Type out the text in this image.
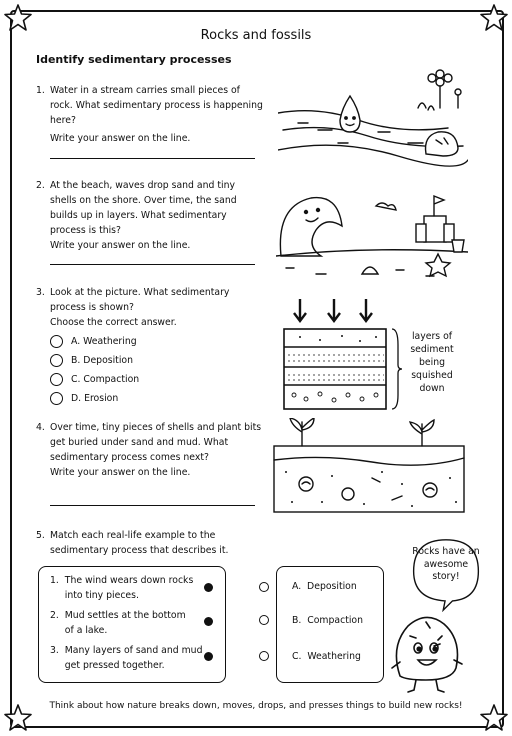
Rocks and fossils
Identify sedimentary processes
1. Water in a stream carries small pieces of rock. What sedimentary process is happening here?
Write your answer on the line.
2. At the beach, waves drop sand and tiny shells on the shore. Over time, the sand builds up in layers. What sedimentary process is this?
Write your answer on the line.
3. Look at the picture. What sedimentary process is shown?
Choose the correct answer.
A. Weathering
B. Deposition
C. Compaction
D. Erosion
4. Over time, tiny pieces of shells and plant bits get buried under sand and mud. What sedimentary process comes next?
Write your answer on the line.
5. Match each real-life example to the sedimentary process that describes it.
layers of sediment being squished down
1.  The wind wears down rocks
into tiny pieces.
2.  Mud settles at the bottom
of a lake.
3.  Many layers of sand and mud
get pressed together.
A.  Deposition
B.  Compaction
C.  Weathering
Rocks have an awesome story!
Think about how nature breaks down, moves, drops, and presses things to build new rocks!
